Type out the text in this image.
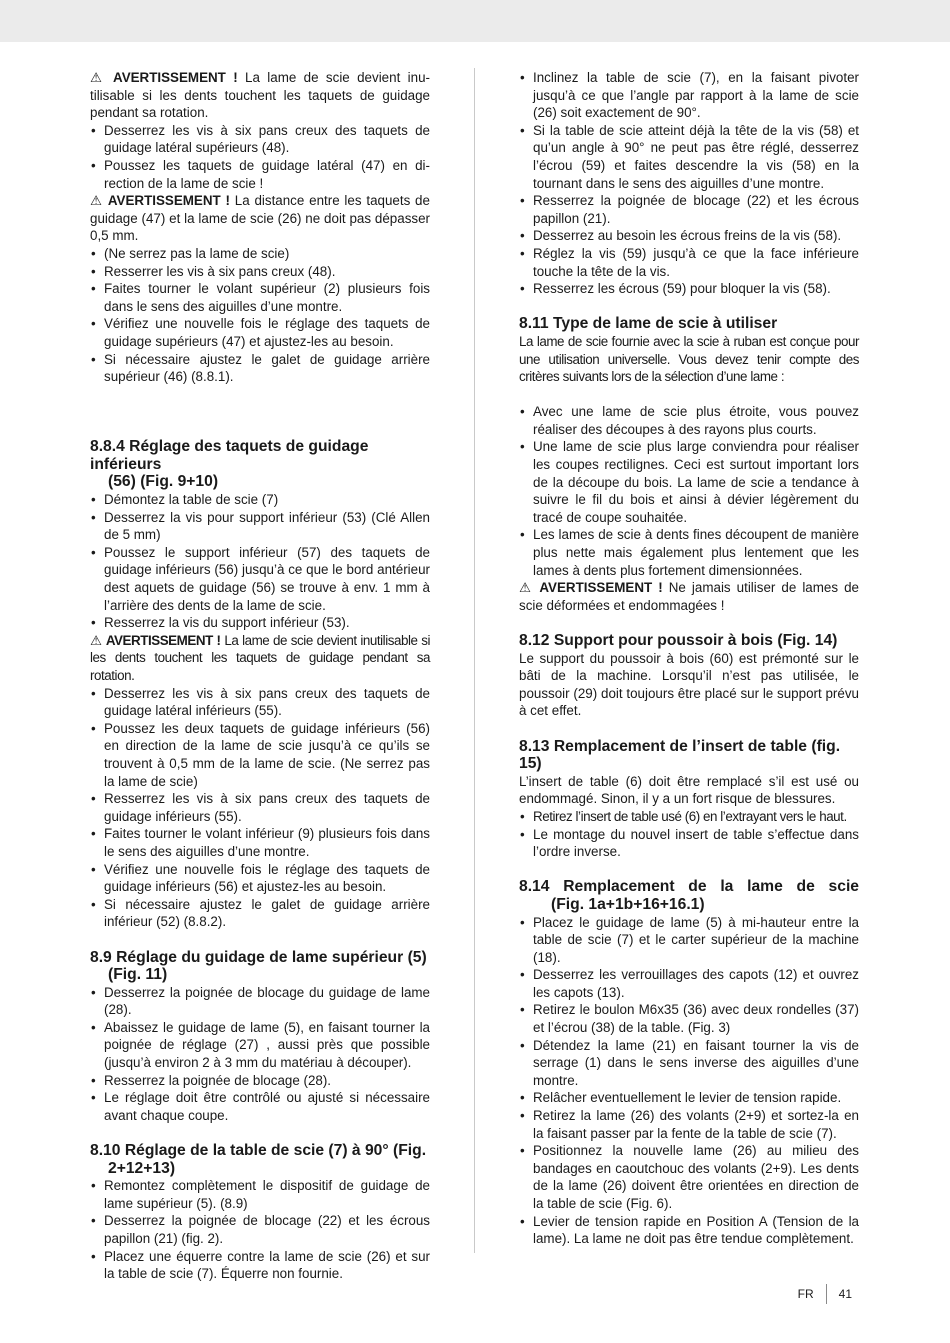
⚠ AVERTISSEMENT ! La lame de scie devient inutilisable si les dents touchent les taquets de guidage pendant sa rotation.

• Desserrez les vis à six pans creux des taquets de guidage latéral supérieurs (48).
• Poussez les taquets de guidage latéral (47) en direction de la lame de scie !

⚠ AVERTISSEMENT ! La distance entre les taquets de guidage (47) et la lame de scie (26) ne doit pas dépasser 0,5 mm.

• (Ne serrez pas la lame de scie)
• Resserrer les vis à six pans creux (48).
• Faites tourner le volant supérieur (2) plusieurs fois dans le sens des aiguilles d’une montre.
• Vérifiez une nouvelle fois le réglage des taquets de guidage supérieurs (47) et ajustez-les au besoin.
• Si nécessaire ajustez le galet de guidage arrière supérieur (46) (8.8.1).
8.8.4 Réglage des taquets de guidage inférieurs
(56) (Fig. 9+10)
• Démontez la table de scie (7)
• Desserrez la vis pour support inférieur (53) (Clé Allen de 5 mm)
• Poussez le support inférieur (57) des taquets de guidage inférieurs (56) jusqu’à ce que le bord antérieur dest aquets de guidage (56) se trouve à env. 1 mm à l’arrière des dents de la lame de scie.
• Resserrez la vis du support inférieur (53).

⚠ AVERTISSEMENT ! La lame de scie devient inutilisable si les dents touchent les taquets de guidage pendant sa rotation.

• Desserrez les vis à six pans creux des taquets de guidage latéral inférieurs (55).
• Poussez les deux taquets de guidage inférieurs (56) en direction de la lame de scie jusqu’à ce qu’ils se trouvent à 0,5 mm de la lame de scie. (Ne serrez pas la lame de scie)
• Resserrez les vis à six pans creux des taquets de guidage inférieurs (55).
• Faites tourner le volant inférieur (9) plusieurs fois dans le sens des aiguilles d’une montre.
• Vérifiez une nouvelle fois le réglage des taquets de guidage inférieurs (56) et ajustez-les au besoin.
• Si nécessaire ajustez le galet de guidage arrière inférieur (52) (8.8.2).
8.9 Réglage du guidage de lame supérieur (5)
(Fig. 11)
• Desserrez la poignée de blocage du guidage de lame (28).
• Abaissez le guidage de lame (5), en faisant tourner la poignée de réglage (27) , aussi près que possible (jusqu’à environ 2 à 3 mm du matériau à découper).
• Resserrez la poignée de blocage (28).
• Le réglage doit être contrôlé ou ajusté si nécessaire avant chaque coupe.
8.10 Réglage de la table de scie (7) à 90° (Fig.
2+12+13)
• Remontez complètement le dispositif de guidage de lame supérieur (5). (8.9)
• Desserrez la poignée de blocage (22) et les écrous papillon (21) (fig. 2).
• Placez une équerre contre la lame de scie (26) et sur la table de scie (7). Équerre non fournie.
• Inclinez la table de scie (7), en la faisant pivoter jusqu’à ce que l’angle par rapport à la lame de scie (26) soit exactement de 90°.
• Si la table de scie atteint déjà la tête de la vis (58) et qu’un angle à 90° ne peut pas être réglé, desserrez l’écrou (59) et faites descendre la vis (58) en la tournant dans le sens des aiguilles d’une montre.
• Resserrez la poignée de blocage (22) et les écrous papillon (21).
• Desserrez au besoin les écrous freins de la vis (58).
• Réglez la vis (59) jusqu’à ce que la face inférieure touche la tête de la vis.
• Resserrez les écrous (59) pour bloquer la vis (58).
8.11 Type de lame de scie à utiliser

La lame de scie fournie avec la scie à ruban est conçue pour une utilisation universelle. Vous devez tenir compte des critères suivants lors de la sélection d’une lame :

• Avec une lame de scie plus étroite, vous pouvez réaliser des découpes à des rayons plus courts.
• Une lame de scie plus large conviendra pour réaliser les coupes rectilignes. Ceci est surtout important lors de la découpe du bois. La lame de scie a tendance à suivre le fil du bois et ainsi à dévier légèrement du tracé de coupe souhaitée.
• Les lames de scie à dents fines découpent de manière plus nette mais également plus lentement que les lames à dents plus fortement dimensionnées.

⚠ AVERTISSEMENT ! Ne jamais utiliser de lames de scie déformées et endommagées !

8.12 Support pour poussoir à bois (Fig. 14)

Le support du poussoir à bois (60) est prémonté sur le bâti de la machine. Lorsqu’il n’est pas utilisée, le poussoir (29) doit toujours être placé sur le support prévu à cet effet.

8.13 Remplacement de l’insert de table (fig. 15)

L’insert de table (6) doit être remplacé s’il est usé ou endommagé. Sinon, il y a un fort risque de blessures.

• Retirez l’insert de table usé (6) en l’extrayant vers le haut.
• Le montage du nouvel insert de table s’effectue dans l’ordre inverse.
8.14 Remplacement de la lame de scie
(Fig. 1a+1b+16+16.1)
• Placez le guidage de lame (5) à mi-hauteur entre la table de scie (7) et le carter supérieur de la machine (18).
• Desserrez les verrouillages des capots (12) et ouvrez les capots (13).
• Retirez le boulon M6x35 (36) avec deux rondelles (37) et l’écrou (38) de la table. (Fig. 3)
• Détendez la lame (21) en faisant tourner la vis de serrage (1) dans le sens inverse des aiguilles d’une montre.
• Relâcher eventuellement le levier de tension rapide.
• Retirez la lame (26) des volants (2+9) et sortez-la en la faisant passer par la fente de la table de scie (7).
• Positionnez la nouvelle lame (26) au milieu des bandages en caoutchouc des volants (2+9). Les dents de la lame (26) doivent être orientées en direction de la table de scie (Fig. 6).
• Levier de tension rapide en Position A (Tension de la lame). La lame ne doit pas être tendue complètement.
FR	41
